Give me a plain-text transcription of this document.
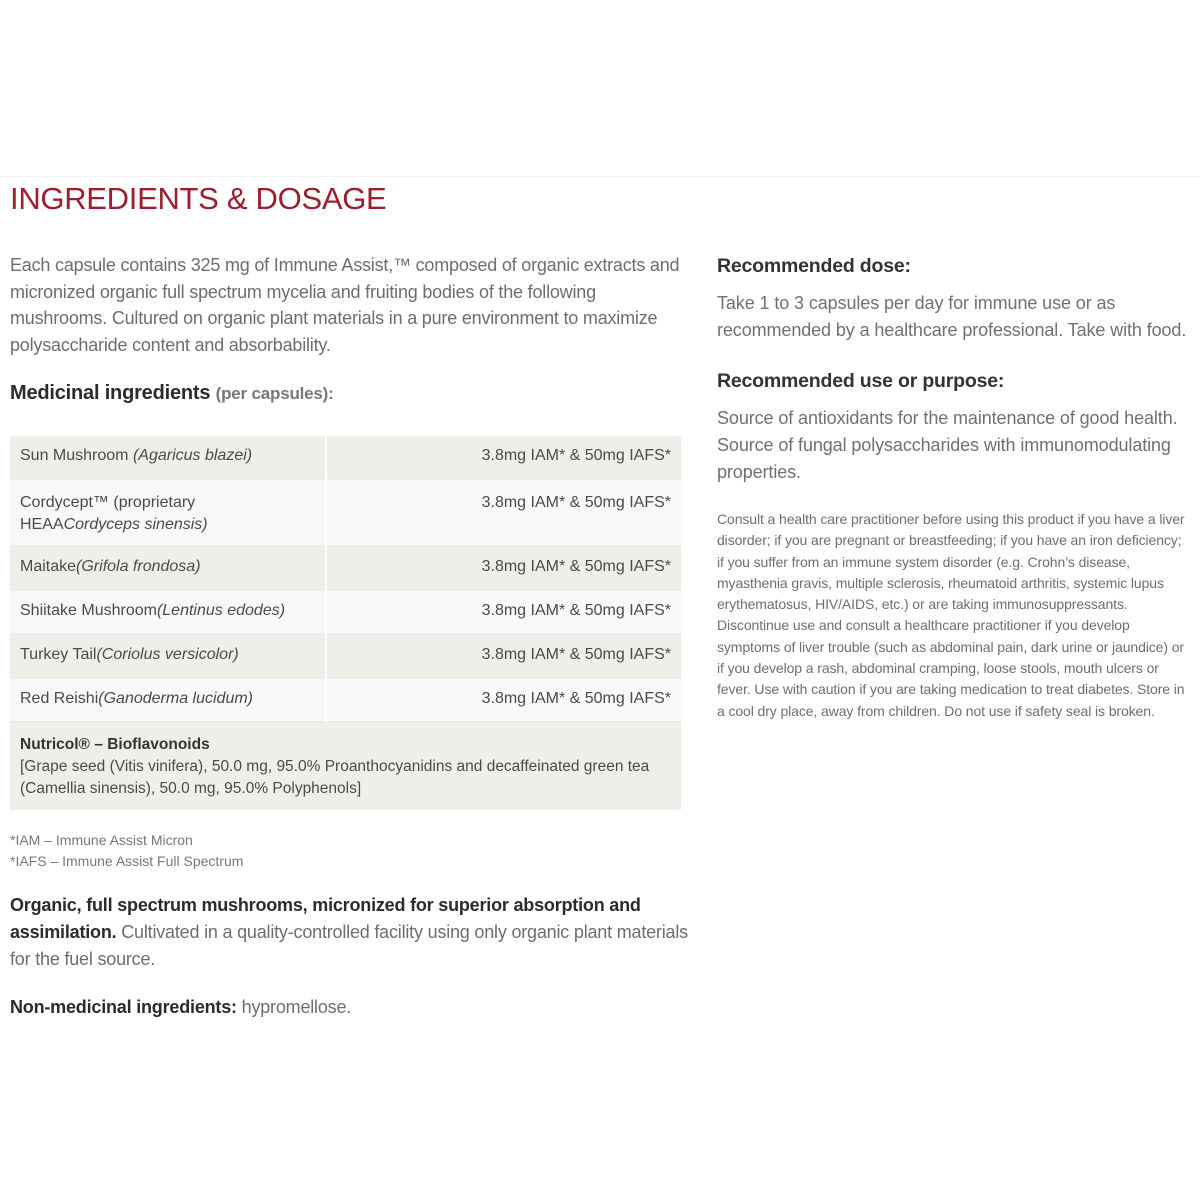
INGREDIENTS & DOSAGE

Each capsule contains 325 mg of Immune Assist,™ composed of organic extracts and micronized organic full spectrum mycelia and fruiting bodies of the following mushrooms. Cultured on organic plant materials in a pure environment to maximize polysaccharide content and absorbability.

Medicinal ingredients (per capsules):
Sun Mushroom (Agaricus blazei)	3.8mg IAM* & 50mg IAFS*
Cordycept™ (proprietary HEAACordyceps sinensis)	3.8mg IAM* & 50mg IAFS*
Maitake(Grifola frondosa)	3.8mg IAM* & 50mg IAFS*
Shiitake Mushroom(Lentinus edodes)	3.8mg IAM* & 50mg IAFS*
Turkey Tail(Coriolus versicolor)	3.8mg IAM* & 50mg IAFS*
Red Reishi(Ganoderma lucidum)	3.8mg IAM* & 50mg IAFS*

Nutricol® – Bioflavonoids
[Grape seed (Vitis vinifera), 50.0 mg, 95.0% Proanthocyanidins and decaffeinated green tea (Camellia sinensis), 50.0 mg, 95.0% Polyphenols]	
*IAM – Immune Assist Micron
*IAFS – Immune Assist Full Spectrum

Organic, full spectrum mushrooms, micronized for superior absorption and assimilation. Cultivated in a quality-controlled facility using only organic plant materials for the fuel source.

Non-medicinal ingredients: hypromellose.

Recommended dose:

Take 1 to 3 capsules per day for immune use or as recommended by a healthcare professional. Take with food.

Recommended use or purpose:

Source of antioxidants for the maintenance of good health. Source of fungal polysaccharides with immunomodulating properties.

Consult a health care practitioner before using this product if you have a liver disorder; if you are pregnant or breastfeeding; if you have an iron deficiency; if you suffer from an immune system disorder (e.g. Crohn’s disease, myasthenia gravis, multiple sclerosis, rheumatoid arthritis, systemic lupus erythematosus, HIV/AIDS, etc.) or are taking immunosuppressants. Discontinue use and consult a healthcare practitioner if you develop symptoms of liver trouble (such as abdominal pain, dark urine or jaundice) or if you develop a rash, abdominal cramping, loose stools, mouth ulcers or fever. Use with caution if you are taking medication to treat diabetes. Store in a cool dry place, away from children. Do not use if safety seal is broken.
